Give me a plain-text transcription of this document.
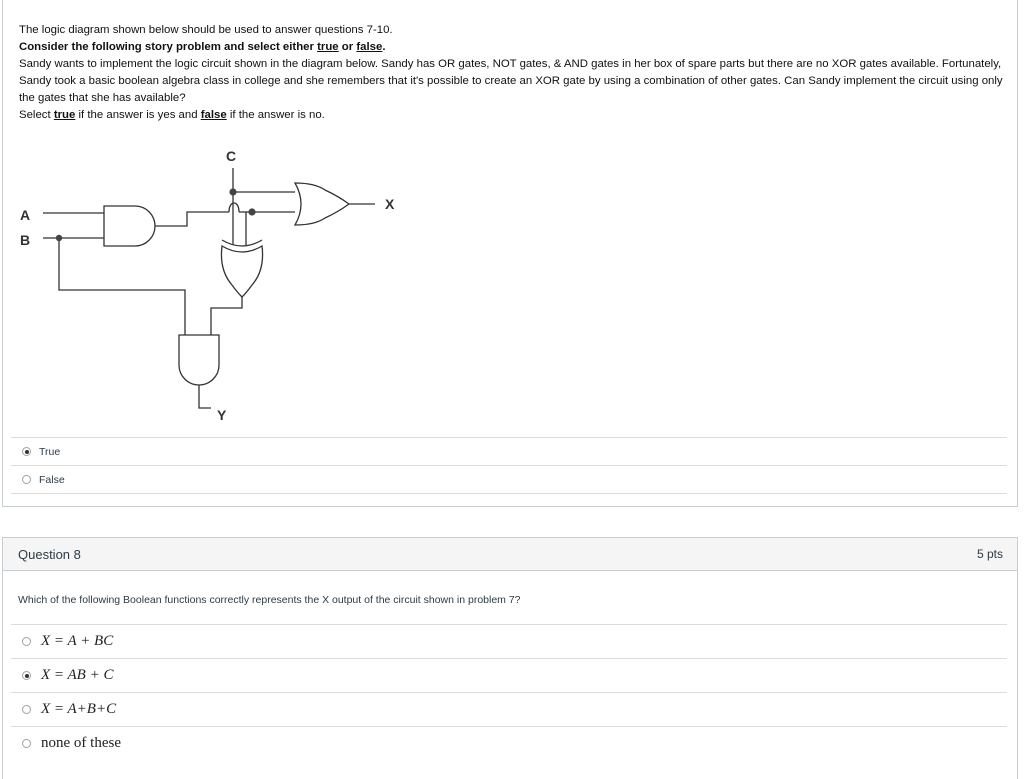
The logic diagram shown below should be used to answer questions 7-10.

Consider the following story problem and select either true or false.

Sandy wants to implement the logic circuit shown in the diagram below. Sandy has OR gates, NOT gates, & AND gates in her box of spare parts but there are no XOR gates available. Fortunately, Sandy took a basic boolean algebra class in college and she remembers that it's possible to create an XOR gate by using a combination of other gates. Can Sandy implement the circuit using only the gates that she has available?

Select true if the answer is yes and false if the answer is no.

A
B
C
X
Y
True
False
Question 8	5 pts
Which of the following Boolean functions correctly represents the X output of the circuit shown in problem 7?
X = A + BC
X = AB + C
X = A+B+C
none of these
